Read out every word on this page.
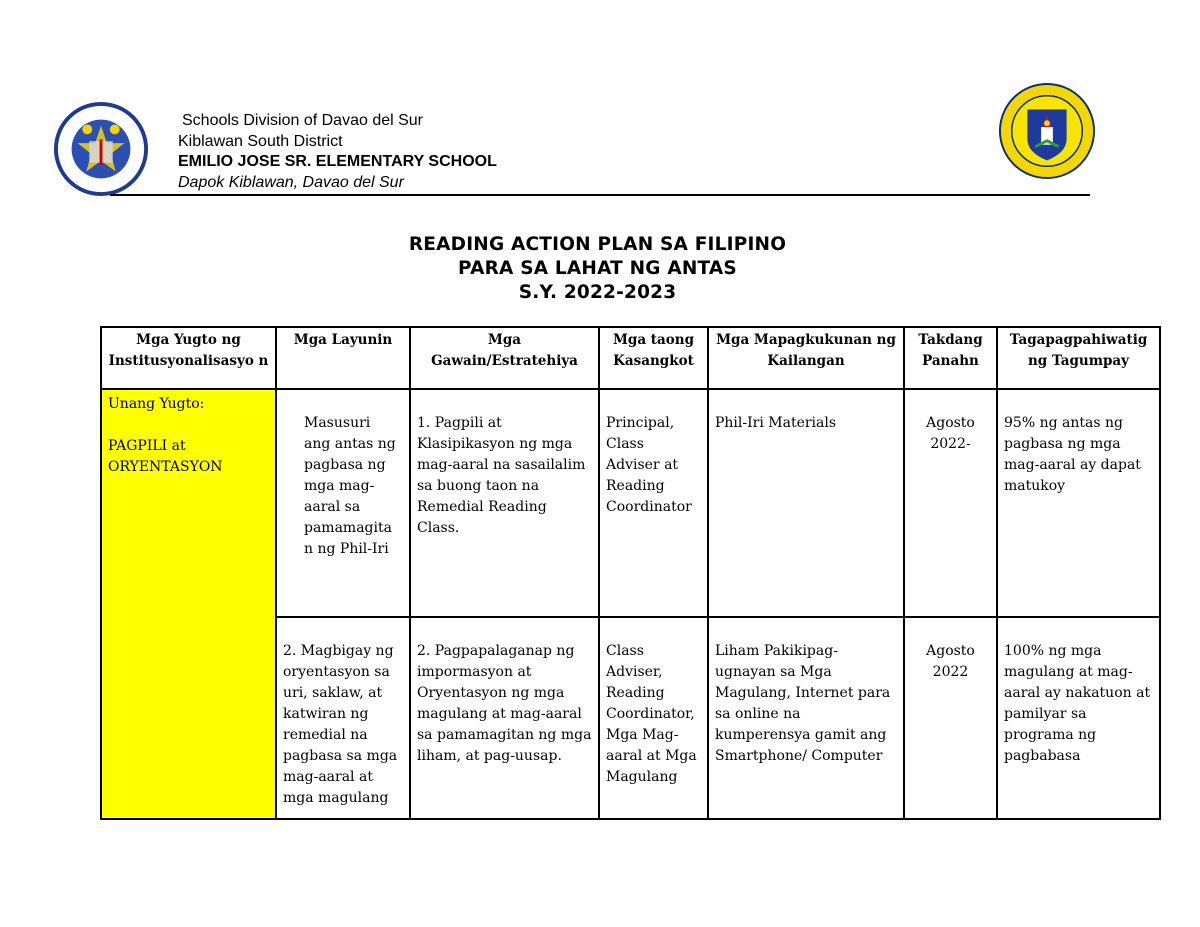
Schools Division of Davao del Sur
Kiblawan South District
EMILIO JOSE SR. ELEMENTARY SCHOOL
Dapok Kiblawan, Davao del Sur
READING ACTION PLAN SA FILIPINO
PARA SA LAHAT NG ANTAS
S.Y. 2022-2023
Mga Yugto ng Institusyonalisasyo n	Mga Layunin	Mga Gawain/Estratehiya	Mga taong Kasangkot	Mga Mapagkukunan ng Kailangan	Takdang Panahn	Tagapagpahiwatig ng Tagumpay

Unang Yugto:
PAGPILI at ORYENTASYON	Masusuri ang antas ng pagbasa ng mga mag-aaral sa pamamagita n ng Phil-Iri	1. Pagpili at Klasipikasyon ng mga mag-aaral na sasailalim sa buong taon na Remedial Reading Class.	Principal, Class Adviser at Reading Coordinator	Phil-Iri Materials	Agosto 2022-	95% ng antas ng pagbasa ng mga mag-aaral ay dapat matukoy
	2. Magbigay ng oryentasyon sa uri, saklaw, at katwiran ng remedial na pagbasa sa mga mag-aaral at mga magulang	2. Pagpapalaganap ng impormasyon at Oryentasyon ng mga magulang at mag-aaral sa pamamagitan ng mga liham, at pag-uusap.	Class Adviser, Reading Coordinator, Mga Mag-aaral at Mga Magulang	Liham Pakikipag-ugnayan sa Mga Magulang, Internet para sa online na kumperensya gamit ang Smartphone/ Computer	Agosto 2022	100% ng mga magulang at mag-aaral ay nakatuon at pamilyar sa programa ng pagbabasa
